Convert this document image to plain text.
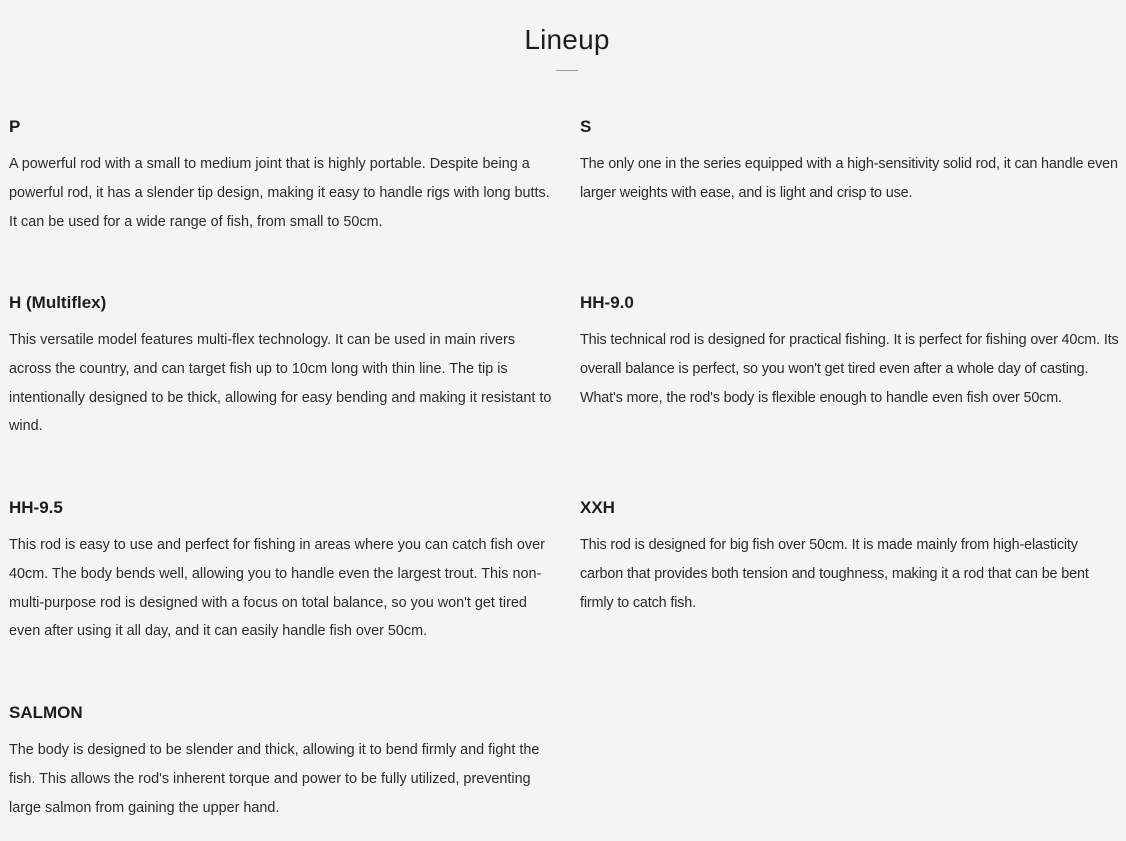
Lineup
P

A powerful rod with a small to medium joint that is highly portable. Despite being a powerful rod, it has a slender tip design, making it easy to handle rigs with long butts. It can be used for a wide range of fish, from small to 50cm.

S

The only one in the series equipped with a high-sensitivity solid rod, it can handle even larger weights with ease, and is light and crisp to use.

H (Multiflex)

This versatile model features multi-flex technology. It can be used in main rivers across the country, and can target fish up to 10cm long with thin line. The tip is intentionally designed to be thick, allowing for easy bending and making it resistant to wind.

HH-9.0

This technical rod is designed for practical fishing. It is perfect for fishing over 40cm. Its overall balance is perfect, so you won't get tired even after a whole day of casting. What's more, the rod's body is flexible enough to handle even fish over 50cm.

HH-9.5

This rod is easy to use and perfect for fishing in areas where you can catch fish over 40cm. The body bends well, allowing you to handle even the largest trout. This non-multi-purpose rod is designed with a focus on total balance, so you won't get tired even after using it all day, and it can easily handle fish over 50cm.

XXH

This rod is designed for big fish over 50cm. It is made mainly from high-elasticity carbon that provides both tension and toughness, making it a rod that can be bent firmly to catch fish.

SALMON

The body is designed to be slender and thick, allowing it to bend firmly and fight the fish. This allows the rod's inherent torque and power to be fully utilized, preventing large salmon from gaining the upper hand.
